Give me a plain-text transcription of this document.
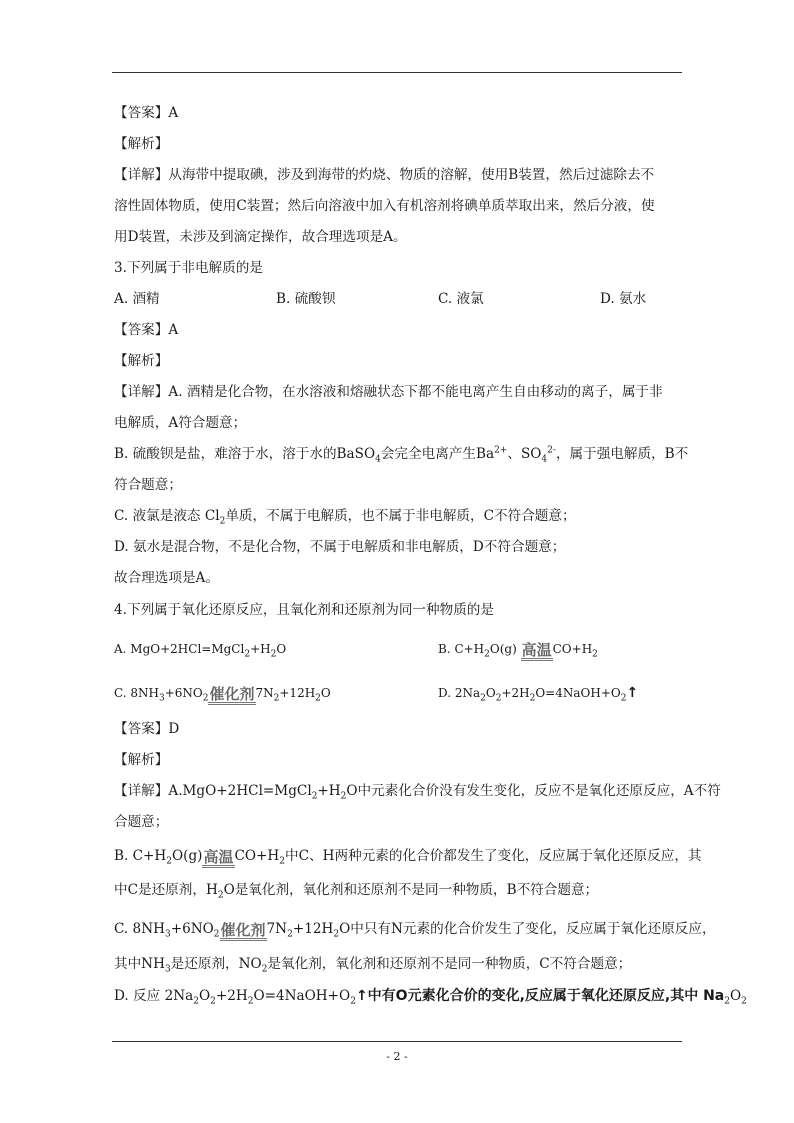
【答案】A
【解析】
【详解】从海带中提取碘，涉及到海带的灼烧、物质的溶解，使用B装置，然后过滤除去不
溶性固体物质，使用C装置；然后向溶液中加入有机溶剂将碘单质萃取出来，然后分液，使
用D装置，未涉及到滴定操作，故合理选项是A。
3.下列属于非电解质的是
A. 酒精	B. 硫酸钡	C. 液氯	D. 氨水
【答案】A
【解析】
【详解】A. 酒精是化合物，在水溶液和熔融状态下都不能电离产生自由移动的离子，属于非
电解质，A符合题意；
B. 硫酸钡是盐，难溶于水，溶于水的BaSO$_4$会完全电离产生$Ba^{2+}$、$SO_4^{2-}$，属于强电解质，B不
符合题意；
C. 液氯是液态 $Cl_2$单质，不属于电解质，也不属于非电解质，C不符合题意；
D. 氨水是混合物，不是化合物，不属于电解质和非电解质，D不符合题意；
故合理选项是A。
4.下列属于氧化还原反应，且氧化剂和还原剂为同一种物质的是
A. $MgO+2HCl=MgCl_2+H_2O$	B. $C+H_2O(g)$ 高温$CO+H_2$
C. $8NH_3+6NO_2$催化剂$7N_2+12H_2O$	D. $2Na_2O_2+2H_2O=4NaOH+O_2↑$
【答案】D
【解析】
【详解】$A.MgO+2HCl=MgCl_2+H_2O$中元素化合价没有发生变化，反应不是氧化还原反应，A不符
合题意；
B. $C+H_2O(g)$高温$CO+H_2$中C、H两种元素的化合价都发生了变化，反应属于氧化还原反应，其
中C是还原剂，$H_2O$是氧化剂，氧化剂和还原剂不是同一种物质，B不符合题意；
C. $8NH_3+6NO_2$催化剂$7N_2+12H_2O$中只有N元素的化合价发生了变化，反应属于氧化还原反应，
其中$NH_3$是还原剂，$NO_2$是氧化剂，氧化剂和还原剂不是同一种物质，C不符合题意；
D. 反应 $2Na_2O_2+2H_2O=4NaOH+O_2↑$中有O元素化合价的变化,反应属于氧化还原反应,其中 $Na_2O_2$
- 2 -
